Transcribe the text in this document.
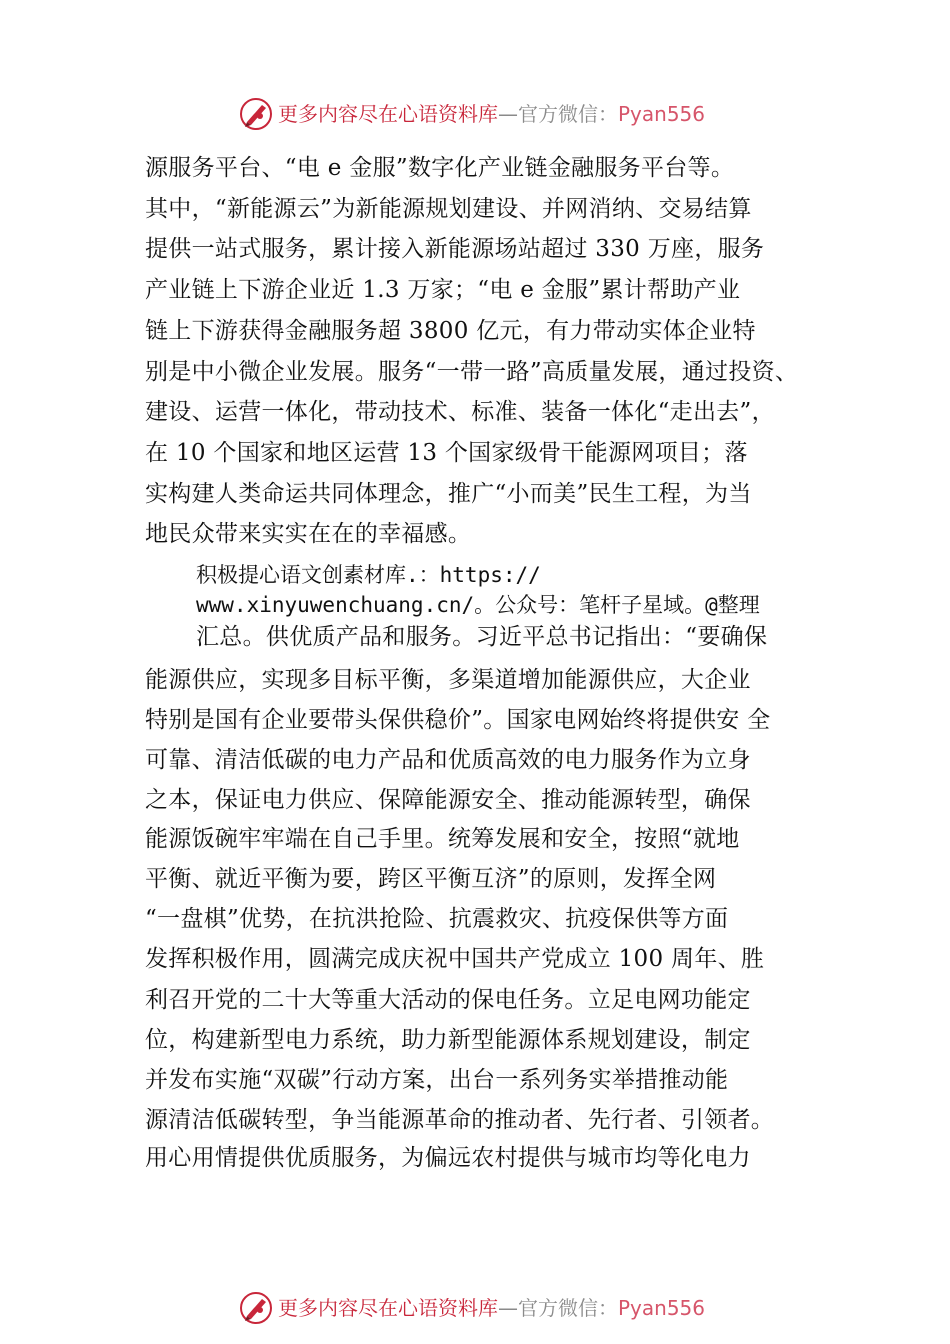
更多内容尽在心语资料库—官方微信：Pyan556
源服务平台、“电 e 金服”数字化产业链金融服务平台等。
其中，“新能源云”为新能源规划建设、并网消纳、交易结算
提供一站式服务，累计接入新能源场站超过 330 万座，服务
产业链上下游企业近 1.3 万家；“电 e 金服”累计帮助产业
链上下游获得金融服务超 3800 亿元，有力带动实体企业特
别是中小微企业发展。服务“一带一路”高质量发展，通过投资、
建设、运营一体化，带动技术、标准、装备一体化“走出去”，
在 10 个国家和地区运营 13 个国家级骨干能源网项目；落
实构建人类命运共同体理念，推广“小而美”民生工程，为当
地民众带来实实在在的幸福感。
积极提心语文创素材库.：https://
www.xinyuwenchuang.cn/。公众号：笔杆子星域。@整理
汇总。供优质产品和服务。习近平总书记指出：“要确保
能源供应，实现多目标平衡，多渠道增加能源供应，大企业
特别是国有企业要带头保供稳价”。国家电网始终将提供安 全
可靠、清洁低碳的电力产品和优质高效的电力服务作为立身
之本，保证电力供应、保障能源安全、推动能源转型，确保
能源饭碗牢牢端在自己手里。统筹发展和安全，按照“就地
平衡、就近平衡为要，跨区平衡互济”的原则，发挥全网
“一盘棋”优势，在抗洪抢险、抗震救灾、抗疫保供等方面
发挥积极作用，圆满完成庆祝中国共产党成立 100 周年、胜
利召开党的二十大等重大活动的保电任务。立足电网功能定
位，构建新型电力系统，助力新型能源体系规划建设，制定
并发布实施“双碳”行动方案，出台一系列务实举措推动能
源清洁低碳转型，争当能源革命的推动者、先行者、引领者。
用心用情提供优质服务，为偏远农村提供与城市均等化电力
更多内容尽在心语资料库—官方微信：Pyan556
